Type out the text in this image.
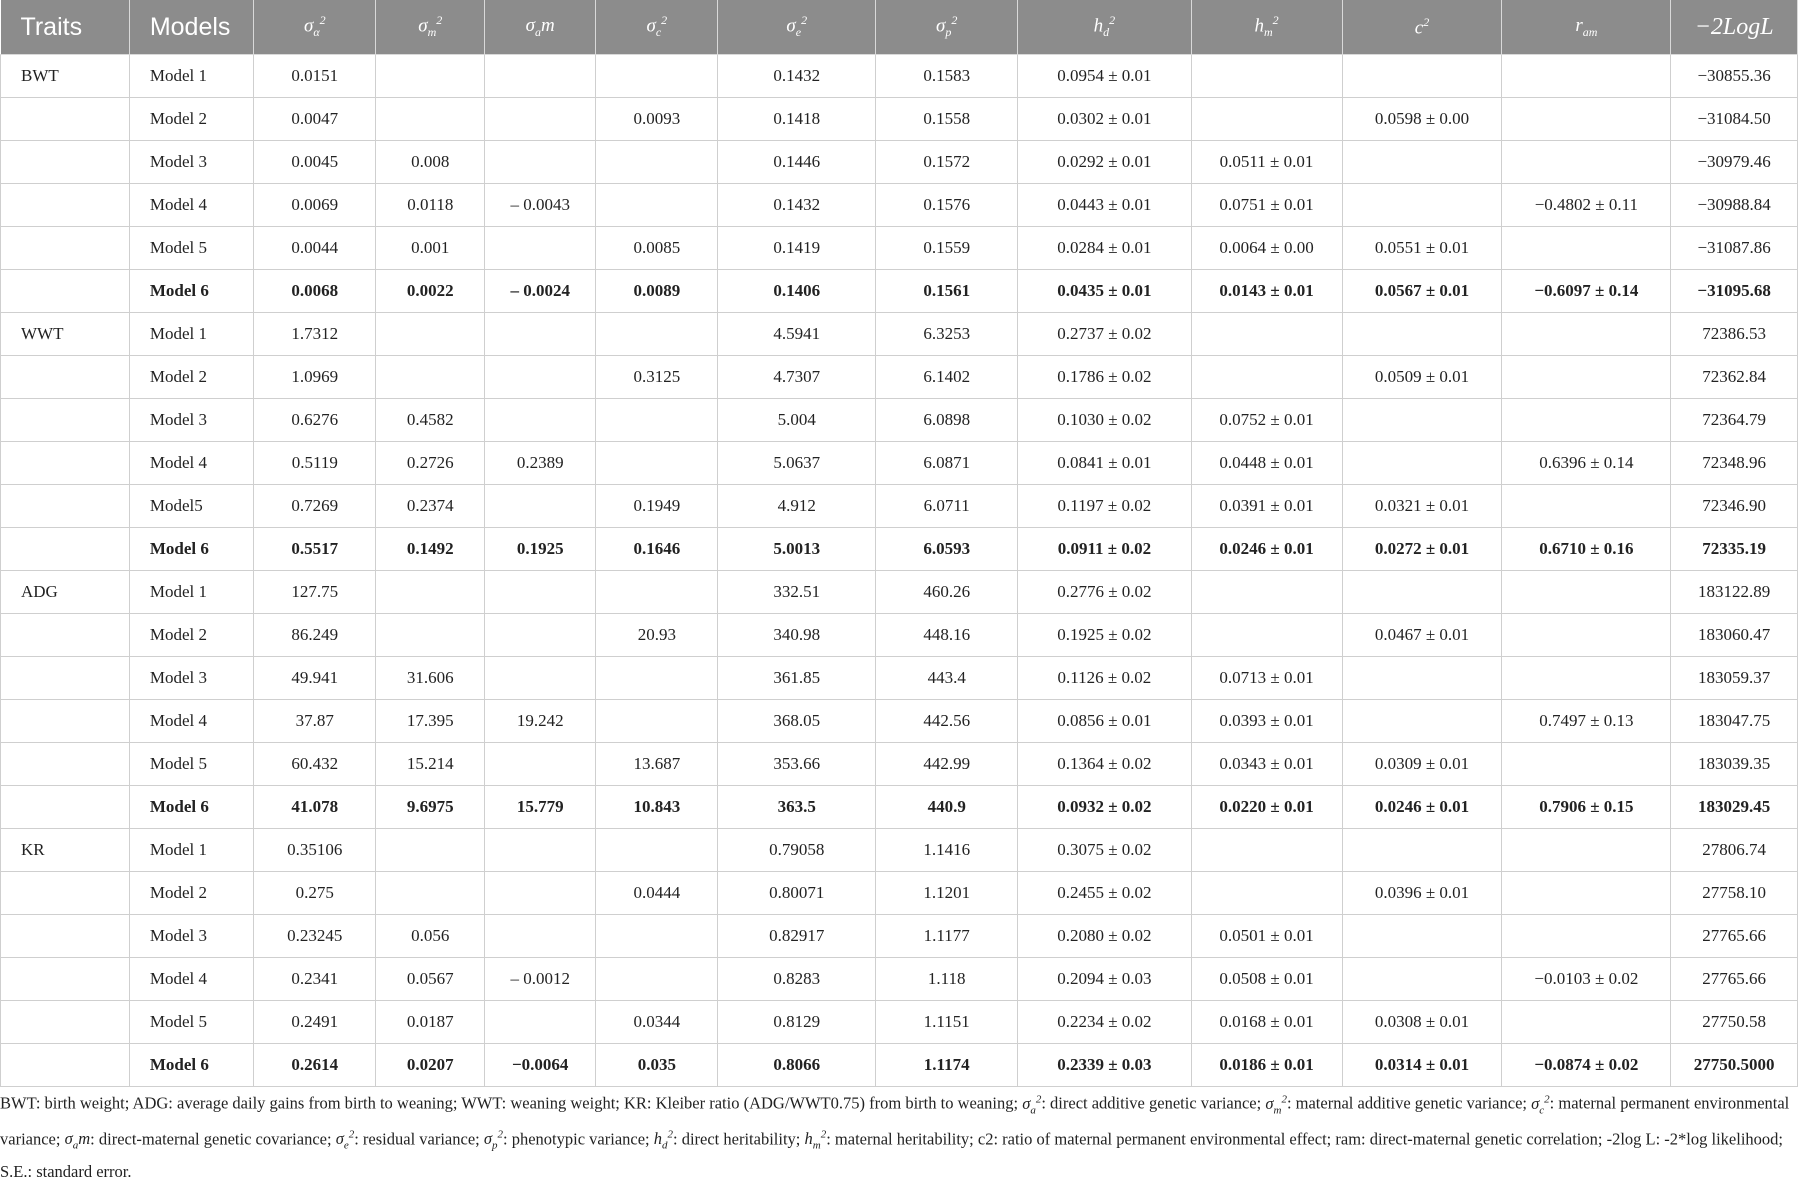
Traits	Models	$\sigma_\alpha^2$	$\sigma_m^2$	$\sigma_am$	$\sigma_c^2$	$\sigma_e^2$	$\sigma_p^2$	$h_d^2$	$h_m^2$	$c^2$	$r_{am}$	−2LogL
BWT	Model 1	0.0151				0.1432	0.1583	0.0954 ± 0.01				−30855.36
	Model 2	0.0047			0.0093	0.1418	0.1558	0.0302 ± 0.01		0.0598 ± 0.00		−31084.50
	Model 3	0.0045	0.008			0.1446	0.1572	0.0292 ± 0.01	0.0511 ± 0.01			−30979.46
	Model 4	0.0069	0.0118	– 0.0043		0.1432	0.1576	0.0443 ± 0.01	0.0751 ± 0.01		−0.4802 ± 0.11	−30988.84
	Model 5	0.0044	0.001		0.0085	0.1419	0.1559	0.0284 ± 0.01	0.0064 ± 0.00	0.0551 ± 0.01		−31087.86
	Model 6	0.0068	0.0022	– 0.0024	0.0089	0.1406	0.1561	0.0435 ± 0.01	0.0143 ± 0.01	0.0567 ± 0.01	−0.6097 ± 0.14	−31095.68
WWT	Model 1	1.7312				4.5941	6.3253	0.2737 ± 0.02				72386.53
	Model 2	1.0969			0.3125	4.7307	6.1402	0.1786 ± 0.02		0.0509 ± 0.01		72362.84
	Model 3	0.6276	0.4582			5.004	6.0898	0.1030 ± 0.02	0.0752 ± 0.01			72364.79
	Model 4	0.5119	0.2726	0.2389		5.0637	6.0871	0.0841 ± 0.01	0.0448 ± 0.01		0.6396 ± 0.14	72348.96
	Model5	0.7269	0.2374		0.1949	4.912	6.0711	0.1197 ± 0.02	0.0391 ± 0.01	0.0321 ± 0.01		72346.90
	Model 6	0.5517	0.1492	0.1925	0.1646	5.0013	6.0593	0.0911 ± 0.02	0.0246 ± 0.01	0.0272 ± 0.01	0.6710 ± 0.16	72335.19
ADG	Model 1	127.75				332.51	460.26	0.2776 ± 0.02				183122.89
	Model 2	86.249			20.93	340.98	448.16	0.1925 ± 0.02		0.0467 ± 0.01		183060.47
	Model 3	49.941	31.606			361.85	443.4	0.1126 ± 0.02	0.0713 ± 0.01			183059.37
	Model 4	37.87	17.395	19.242		368.05	442.56	0.0856 ± 0.01	0.0393 ± 0.01		0.7497 ± 0.13	183047.75
	Model 5	60.432	15.214		13.687	353.66	442.99	0.1364 ± 0.02	0.0343 ± 0.01	0.0309 ± 0.01		183039.35
	Model 6	41.078	9.6975	15.779	10.843	363.5	440.9	0.0932 ± 0.02	0.0220 ± 0.01	0.0246 ± 0.01	0.7906 ± 0.15	183029.45
KR	Model 1	0.35106				0.79058	1.1416	0.3075 ± 0.02				27806.74
	Model 2	0.275			0.0444	0.80071	1.1201	0.2455 ± 0.02		0.0396 ± 0.01		27758.10
	Model 3	0.23245	0.056			0.82917	1.1177	0.2080 ± 0.02	0.0501 ± 0.01			27765.66
	Model 4	0.2341	0.0567	– 0.0012		0.8283	1.118	0.2094 ± 0.03	0.0508 ± 0.01		−0.0103 ± 0.02	27765.66
	Model 5	0.2491	0.0187		0.0344	0.8129	1.1151	0.2234 ± 0.02	0.0168 ± 0.01	0.0308 ± 0.01		27750.58
	Model 6	0.2614	0.0207	−0.0064	0.035	0.8066	1.1174	0.2339 ± 0.03	0.0186 ± 0.01	0.0314 ± 0.01	−0.0874 ± 0.02	27750.5000
BWT: birth weight; ADG: average daily gains from birth to weaning; WWT: weaning weight; KR: Kleiber ratio (ADG/WWT0.75) from birth to weaning; $\sigma_a^2$: direct additive genetic variance; $\sigma_m^2$: maternal additive genetic variance; $\sigma_c^2$: maternal permanent environmental variance; $\sigma_am$: direct-maternal genetic covariance; $\sigma_e^2$: residual variance; $\sigma_p^2$: phenotypic variance; $h_d^2$: direct heritability; $h_m^2$: maternal heritability; c2: ratio of maternal permanent environmental effect; ram: direct-maternal genetic correlation; -2log L: -2*log likelihood; S.E.: standard error.
